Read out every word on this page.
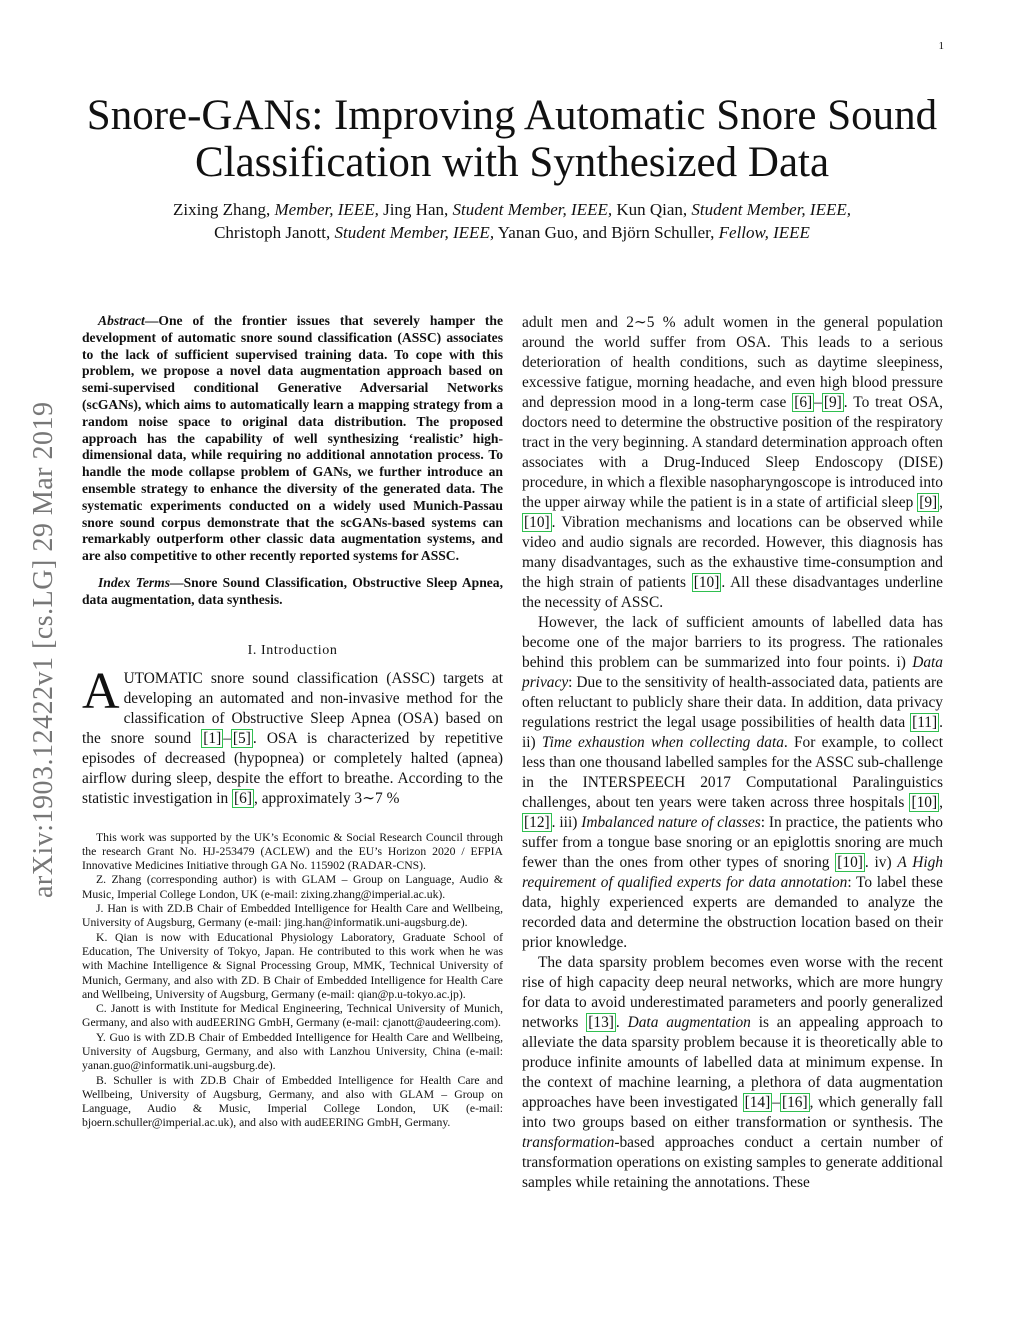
1
arXiv:1903.12422v1 [cs.LG] 29 Mar 2019
Snore-GANs: Improving Automatic Snore Sound
Classification with Synthesized Data
Zixing Zhang, Member, IEEE, Jing Han, Student Member, IEEE, Kun Qian, Student Member, IEEE,
Christoph Janott, Student Member, IEEE, Yanan Guo, and Björn Schuller, Fellow, IEEE

Abstract—One of the frontier issues that severely hamper the development of automatic snore sound classification (ASSC) associates to the lack of sufficient supervised training data. To cope with this problem, we propose a novel data augmentation approach based on semi-supervised conditional Generative Adversarial Networks (scGANs), which aims to automatically learn a mapping strategy from a random noise space to original data distribution. The proposed approach has the capability of well synthesizing ‘realistic’ high-dimensional data, while requiring no additional annotation process. To handle the mode collapse problem of GANs, we further introduce an ensemble strategy to enhance the diversity of the generated data. The systematic experiments conducted on a widely used Munich-Passau snore sound corpus demonstrate that the scGANs-based systems can remarkably outperform other classic data augmentation systems, and are also competitive to other recently reported systems for ASSC.

Index Terms—Snore Sound Classification, Obstructive Sleep Apnea, data augmentation, data synthesis.

I. Introduction

AUTOMATIC snore sound classification (ASSC) targets at developing an automated and non-invasive method for the classification of Obstructive Sleep Apnea (OSA) based on the snore sound [1] – [5] . OSA is characterized by repetitive episodes of decreased (hypopnea) or completely halted (apnea) airflow during sleep, despite the effort to breathe. According to the statistic investigation in [6] , approximately 3∼7 %

This work was supported by the UK’s Economic & Social Research Council through the research Grant No. HJ-253479 (ACLEW) and the EU’s Horizon 2020 / EFPIA Innovative Medicines Initiative through GA No. 115902 (RADAR-CNS).

Z. Zhang (corresponding author) is with GLAM – Group on Language, Audio & Music, Imperial College London, UK (e-mail: zixing.zhang@imperial.ac.uk).

J. Han is with ZD.B Chair of Embedded Intelligence for Health Care and Wellbeing, University of Augsburg, Germany (e-mail: jing.han@informatik.uni-augsburg.de).

K. Qian is now with Educational Physiology Laboratory, Graduate School of Education, The University of Tokyo, Japan. He contributed to this work when he was with Machine Intelligence & Signal Processing Group, MMK, Technical University of Munich, Germany, and also with ZD. B Chair of Embedded Intelligence for Health Care and Wellbeing, University of Augsburg, Germany (e-mail: qian@p.u-tokyo.ac.jp).

C. Janott is with Institute for Medical Engineering, Technical University of Munich, Germany, and also with audEERING GmbH, Germany (e-mail: cjanott@audeering.com).

Y. Guo is with ZD.B Chair of Embedded Intelligence for Health Care and Wellbeing, University of Augsburg, Germany, and also with Lanzhou University, China (e-mail: yanan.guo@informatik.uni-augsburg.de).

B. Schuller is with ZD.B Chair of Embedded Intelligence for Health Care and Wellbeing, University of Augsburg, Germany, and also with GLAM – Group on Language, Audio & Music, Imperial College London, UK (e-mail: bjoern.schuller@imperial.ac.uk), and also with audEERING GmbH, Germany.

adult men and 2∼5 % adult women in the general population around the world suffer from OSA. This leads to a serious deterioration of health conditions, such as daytime sleepiness, excessive fatigue, morning headache, and even high blood pressure and depression mood in a long-term case [6] – [9] . To treat OSA, doctors need to determine the obstructive position of the respiratory tract in the very beginning. A standard determination approach often associates with a Drug-Induced Sleep Endoscopy (DISE) procedure, in which a flexible nasopharyngoscope is introduced into the upper airway while the patient is in a state of artificial sleep [9] , [10] . Vibration mechanisms and locations can be observed while video and audio signals are recorded. However, this diagnosis has many disadvantages, such as the exhaustive time-consumption and the high strain of patients [10] . All these disadvantages underline the necessity of ASSC.

However, the lack of sufficient amounts of labelled data has become one of the major barriers to its progress. The rationales behind this problem can be summarized into four points. i) Data privacy: Due to the sensitivity of health-associated data, patients are often reluctant to publicly share their data. In addition, data privacy regulations restrict the legal usage possibilities of health data [11] . ii) Time exhaustion when collecting data. For example, to collect less than one thousand labelled samples for the ASSC sub-challenge in the INTERSPEECH 2017 Computational Paralinguistics challenges, about ten years were taken across three hospitals [10] , [12] . iii) Imbalanced nature of classes: In practice, the patients who suffer from a tongue base snoring or an epiglottis snoring are much fewer than the ones from other types of snoring [10] . iv) A High requirement of qualified experts for data annotation: To label these data, highly experienced experts are demanded to analyze the recorded data and determine the obstruction location based on their prior knowledge.

The data sparsity problem becomes even worse with the recent rise of high capacity deep neural networks, which are more hungry for data to avoid underestimated parameters and poorly generalized networks [13] . Data augmentation is an appealing approach to alleviate the data sparsity problem because it is theoretically able to produce infinite amounts of labelled data at minimum expense. In the context of machine learning, a plethora of data augmentation approaches have been investigated [14] – [16] , which generally fall into two groups based on either transformation or synthesis. The transformation-based approaches conduct a certain number of transformation operations on existing samples to generate additional samples while retaining the annotations. These
